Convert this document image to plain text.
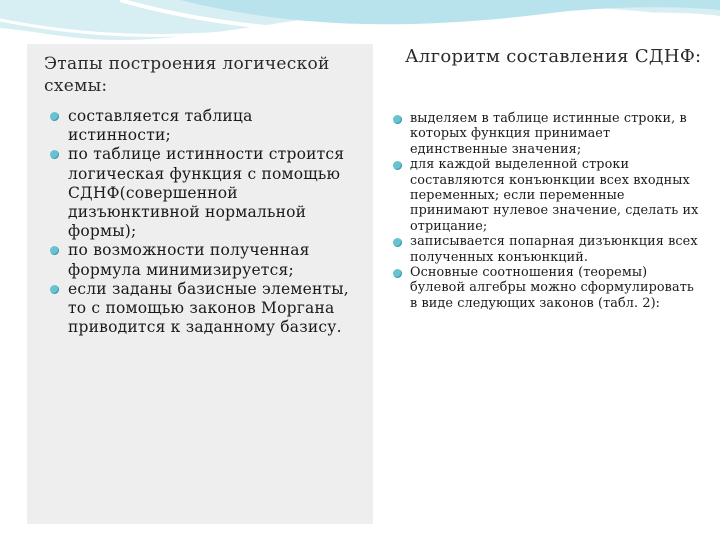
Этапы построения логической схемы:
составляется таблица истинности;
по таблице истинности строится логическая функция с помощью СДНФ(совершенной дизъюнктивной нормальной формы);
по возможности полученная формула минимизируется;
если заданы базисные элементы, то с помощью законов Моргана приводится к заданному базису.
Алгоритм составления СДНФ:
выделяем в таблице истинные строки, в которых функция принимает единственные значения;
для каждой выделенной строки составляются конъюнкции всех входных переменных; если переменные принимают нулевое значение, сделать их отрицание;
записывается попарная дизъюнкция всех полученных конъюнкций.
Основные соотношения (теоремы) булевой алгебры можно сформулировать в виде следующих законов (табл. 2):
